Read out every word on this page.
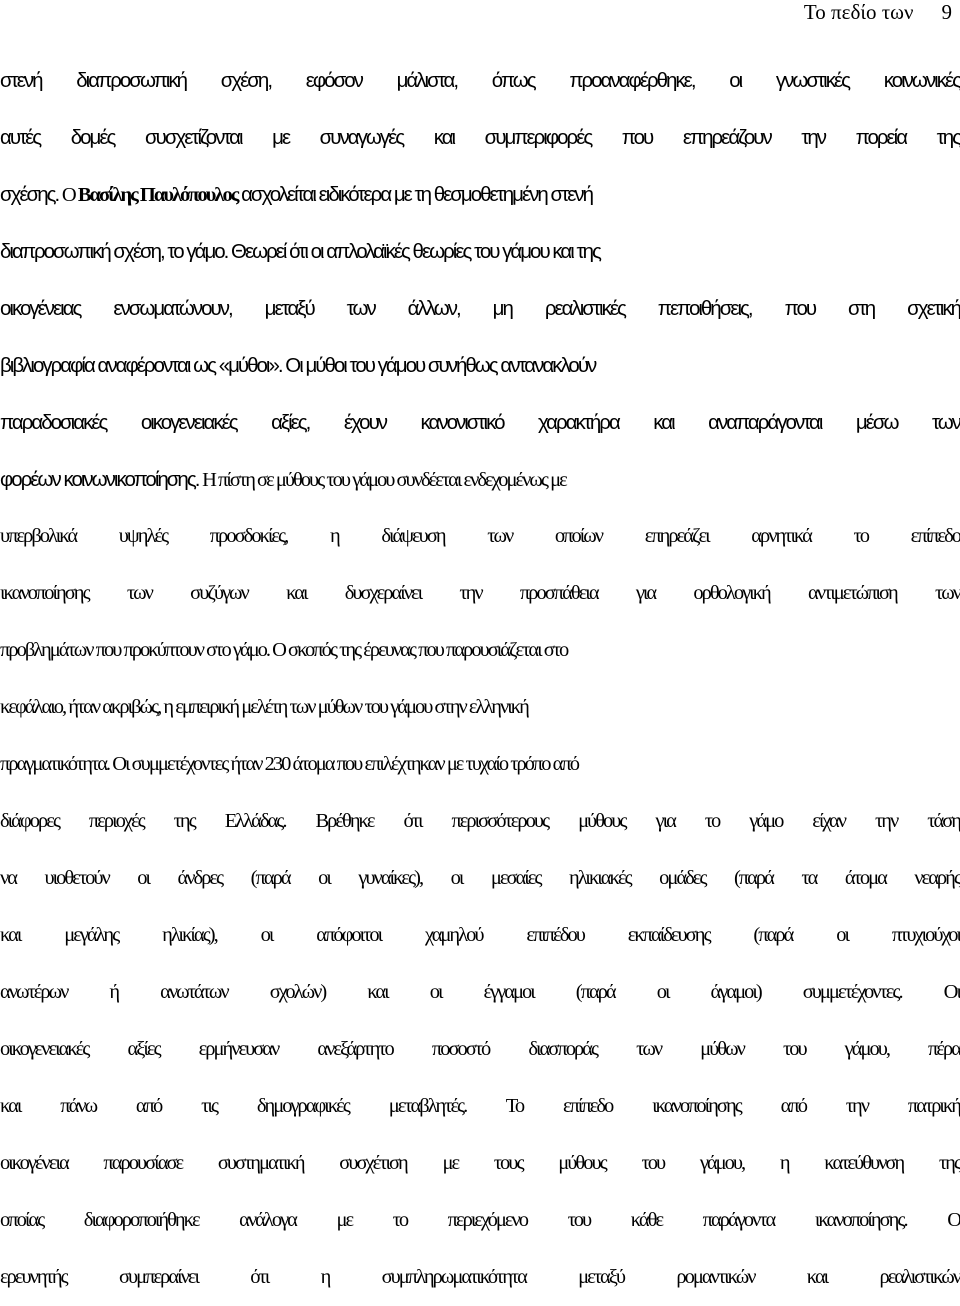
Το πεδίο των 9
στενή διαπροσωπική σχέση, εφόσον μάλιστα, όπως προαναφέρθηκε, οι γνωστικές κοινωνικές
αυτές δομές συσχετίζονται με συναγωγές και συμπεριφορές που επηρεάζουν την πορεία της
σχέσης. Ο Βασίλης Παυλόπουλος ασχολείται ειδικότερα με τη θεσμοθετημένη στενή
διαπροσωπική σχέση, το γάμο. Θεωρεί ότι οι απλολαϊκές θεωρίες του γάμου και της
οικογένειας ενσωματώνουν, μεταξύ των άλλων, μη ρεαλιστικές πεποιθήσεις, που στη σχετική
βιβλιογραφία αναφέρονται ως «μύθοι». Οι μύθοι του γάμου συνήθως αντανακλούν
παραδοσιακές οικογενειακές αξίες, έχουν κανονιστικό χαρακτήρα και αναπαράγονται μέσω των
φορέων κοινωνικοποίησης. Η πίστη σε μύθους του γάμου συνδέεται ενδεχομένως με
υπερβολικά υψηλές προσδοκίες, η διάψευση των οποίων επηρεάζει αρνητικά το επίπεδο
ικανοποίησης των συζύγων και δυσχεραίνει την προσπάθεια για ορθολογική αντιμετώπιση των
προβλημάτων που προκύπτουν στο γάμο. Ο σκοπός της έρευνας που παρουσιάζεται στο
κεφάλαιο, ήταν ακριβώς, η εμπειρική μελέτη των μύθων του γάμου στην ελληνική
πραγματικότητα. Οι συμμετέχοντες ήταν 230 άτομα που επιλέχτηκαν με τυχαίο τρόπο από
διάφορες περιοχές της Ελλάδας. Βρέθηκε ότι περισσότερους μύθους για το γάμο είχαν την τάση
να υιοθετούν οι άνδρες (παρά οι γυναίκες), οι μεσαίες ηλικιακές ομάδες (παρά τα άτομα νεαρής
και μεγάλης ηλικίας), οι απόφοιτοι χαμηλού επιπέδου εκπαίδευσης (παρά οι πτυχιούχοι
ανωτέρων ή ανωτάτων σχολών) και οι έγγαμοι (παρά οι άγαμοι) συμμετέχοντες. Οι
οικογενειακές αξίες ερμήνευσαν ανεξάρτητο ποσοστό διασποράς των μύθων του γάμου, πέρα
και πάνω από τις δημογραφικές μεταβλητές. Το επίπεδο ικανοποίησης από την πατρική
οικογένεια παρουσίασε συστηματική συσχέτιση με τους μύθους του γάμου, η κατεύθυνση της
οποίας διαφοροποιήθηκε ανάλογα με το περιεχόμενο του κάθε παράγοντα ικανοποίησης. Ο
ερευνητής συμπεραίνει ότι η συμπληρωματικότητα μεταξύ ρομαντικών και ρεαλιστικών
